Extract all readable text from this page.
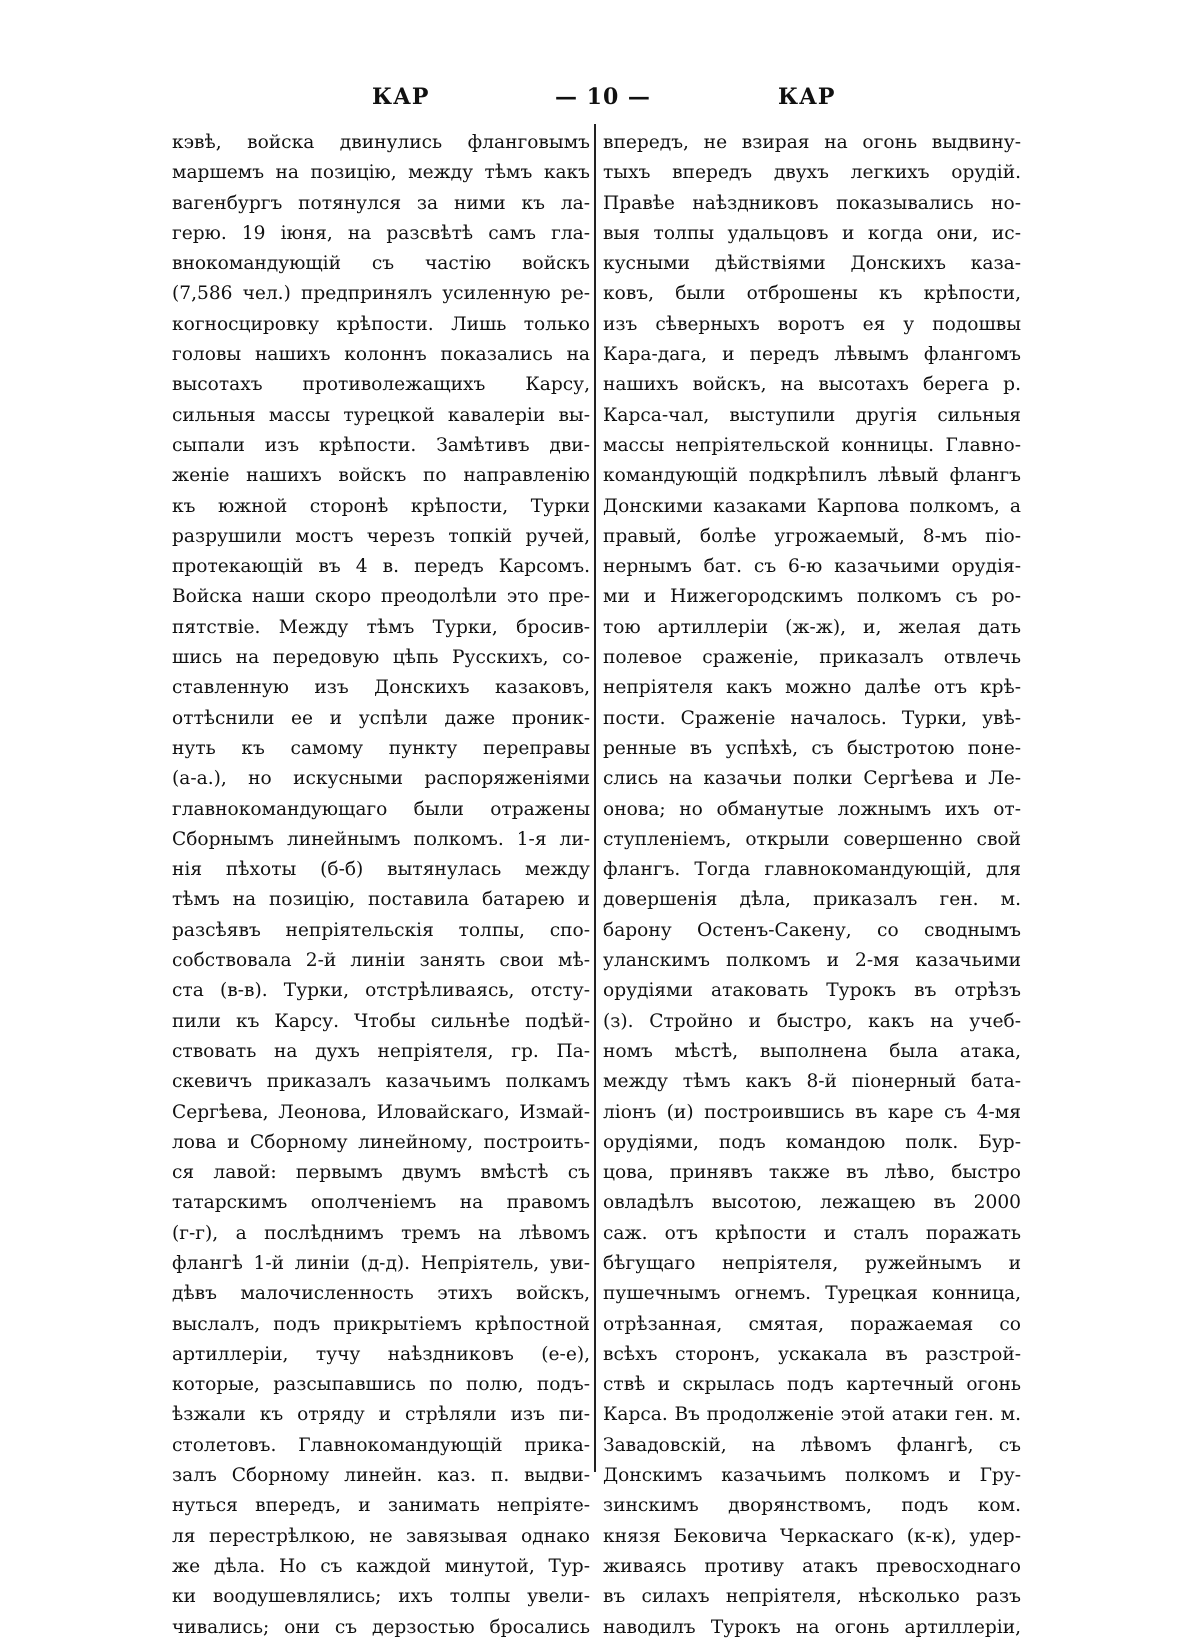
КАР	— 10 —	КАР
кэвѣ, войска двинулись фланговымъ
маршемъ на позицію, между тѣмъ какъ
вагенбургъ потянулся за ними къ ла-
герю. 19 іюня, на разсвѣтѣ самъ гла-
внокомандующій съ частію войскъ
(7,586 чел.) предпринялъ усиленную ре-
когносцировку крѣпости. Лишь только
головы нашихъ колоннъ показались на
высотахъ противолежащихъ Карсу,
сильныя массы турецкой кавалеріи вы-
сыпали изъ крѣпости. Замѣтивъ дви-
женіе нашихъ войскъ по направленію
къ южной сторонѣ крѣпости, Турки
разрушили мостъ черезъ топкій ручей,
протекающій въ 4 в. передъ Карсомъ.
Войска наши скоро преодолѣли это пре-
пятствіе. Между тѣмъ Турки, бросив-
шись на передовую цѣпь Русскихъ, со-
ставленную изъ Донскихъ казаковъ,
оттѣснили ее и успѣли даже проник-
нуть къ самому пункту переправы
(а-а.), но искусными распоряженіями
главнокомандующаго были отражены
Сборнымъ линейнымъ полкомъ. 1-я ли-
нія пѣхоты (б-б) вытянулась между
тѣмъ на позицію, поставила батарею и
разсѣявъ непріятельскія толпы, спо-
собствовала 2-й линіи занять свои мѣ-
ста (в-в). Турки, отстрѣливаясь, отсту-
пили къ Карсу. Чтобы сильнѣе подѣй-
ствовать на духъ непріятеля, гр. Па-
скевичъ приказалъ казачьимъ полкамъ
Сергѣева, Леонова, Иловайскаго, Измай-
лова и Сборному линейному, построить-
ся лавой: первымъ двумъ вмѣстѣ съ
татарскимъ ополченіемъ на правомъ
(г-г), а послѣднимъ тремъ на лѣвомъ
флангѣ 1-й линіи (д-д). Непріятель, уви-
дѣвъ малочисленность этихъ войскъ,
выслалъ, подъ прикрытіемъ крѣпостной
артиллеріи, тучу наѣздниковъ (е-е),
которые, разсыпавшись по полю, подъ-
ѣзжали къ отряду и стрѣляли изъ пи-
столетовъ. Главнокомандующій прика-
залъ Сборному линейн. каз. п. выдви-
нуться впередъ, и занимать непріяте-
ля перестрѣлкою, не завязывая однако
же дѣла. Но съ каждой минутой, Тур-
ки воодушевлялись; ихъ толпы увели-
чивались; они съ дерзостью бросались
впередъ, не взирая на огонь выдвину-
тыхъ впередъ двухъ легкихъ орудій.
Правѣе наѣздниковъ показывались но-
выя толпы удальцовъ и когда они, ис-
кусными дѣйствіями Донскихъ каза-
ковъ, были отброшены къ крѣпости,
изъ сѣверныхъ воротъ ея у подошвы
Кара-дага, и передъ лѣвымъ флангомъ
нашихъ войскъ, на высотахъ берега р.
Карса-чал, выступили другія сильныя
массы непріятельской конницы. Главно-
командующій подкрѣпилъ лѣвый флангъ
Донскими казаками Карпова полкомъ, а
правый, болѣе угрожаемый, 8-мъ піо-
нернымъ бат. съ 6-ю казачьими орудія-
ми и Нижегородскимъ полкомъ съ ро-
тою артиллеріи (ж-ж), и, желая дать
полевое сраженіе, приказалъ отвлечь
непріятеля какъ можно далѣе отъ крѣ-
пости. Сраженіе началось. Турки, увѣ-
ренные въ успѣхѣ, съ быстротою поне-
слись на казачьи полки Сергѣева и Ле-
онова; но обманутые ложнымъ ихъ от-
ступленіемъ, открыли совершенно свой
флангъ. Тогда главнокомандующій, для
довершенія дѣла, приказалъ ген. м.
барону Остенъ-Сакену, со своднымъ
уланскимъ полкомъ и 2-мя казачьими
орудіями атаковать Турокъ въ отрѣзъ
(з). Стройно и быстро, какъ на учеб-
номъ мѣстѣ, выполнена была атака,
между тѣмъ какъ 8-й піонерный бата-
ліонъ (и) построившись въ каре съ 4-мя
орудіями, подъ командою полк. Бур-
цова, принявъ также въ лѣво, быстро
овладѣлъ высотою, лежащею въ 2000
саж. отъ крѣпости и сталъ поражать
бѣгущаго непріятеля, ружейнымъ и
пушечнымъ огнемъ. Турецкая конница,
отрѣзанная, смятая, поражаемая со
всѣхъ сторонъ, ускакала въ разстрой-
ствѣ и скрылась подъ картечный огонь
Карса. Въ продолженіе этой атаки ген. м.
Завадовскій, на лѣвомъ флангѣ, съ
Донскимъ казачьимъ полкомъ и Гру-
зинскимъ дворянствомъ, подъ ком.
князя Бековича Черкаскаго (к-к), удер-
живаясь противу атакъ превосходнаго
въ силахъ непріятеля, нѣсколько разъ
наводилъ Турокъ на огонь артиллеріи,
